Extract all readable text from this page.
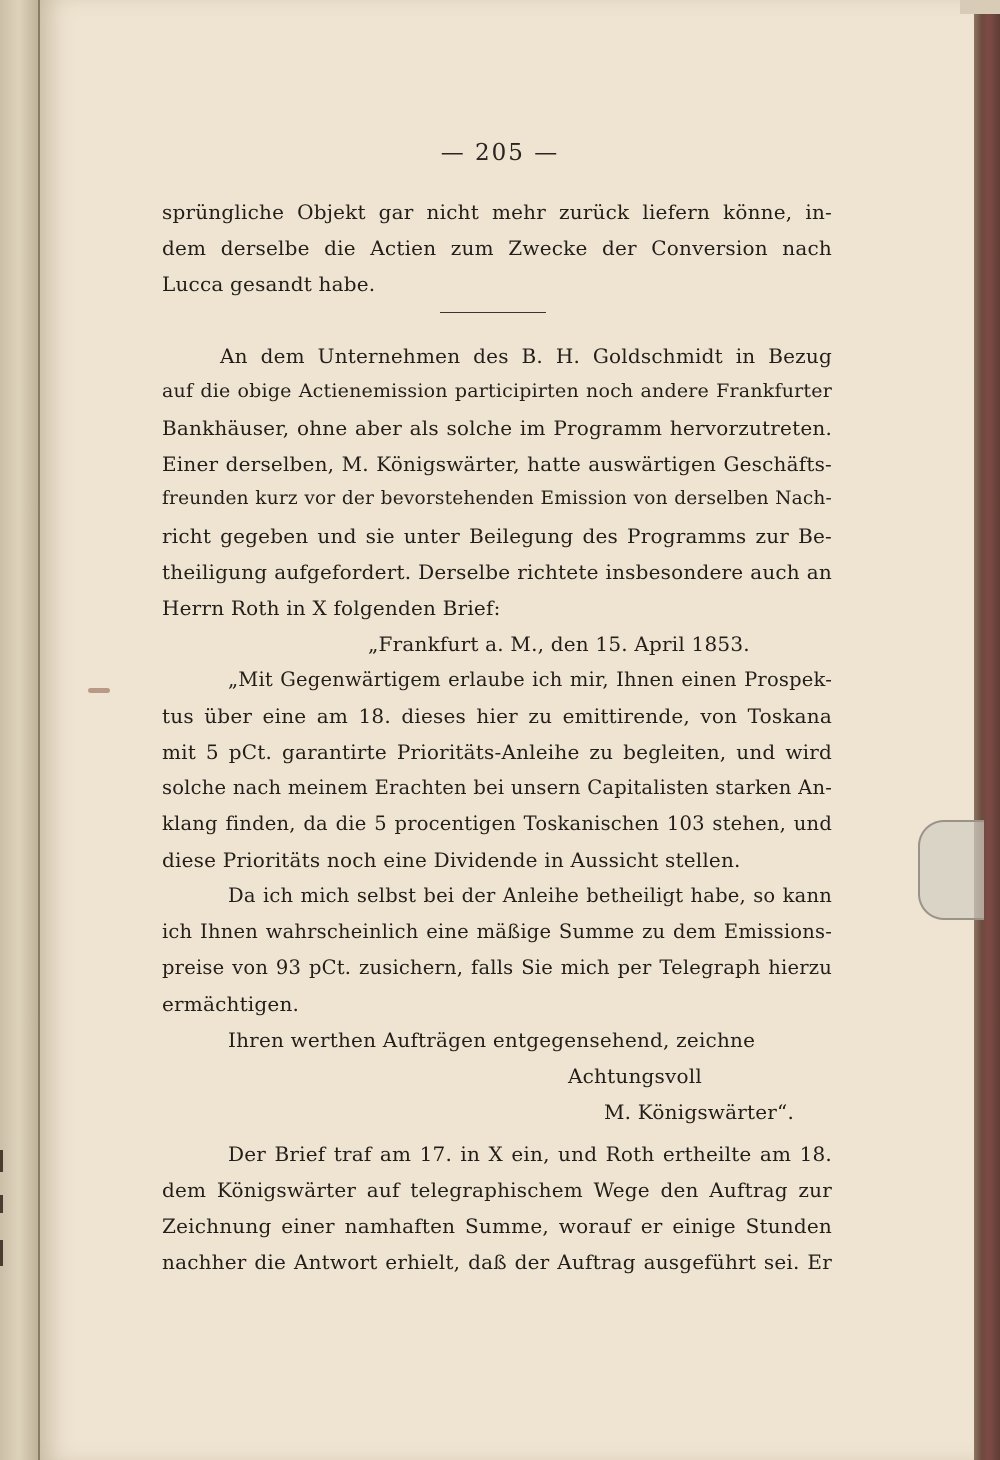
— 205 —
sprüngliche Objekt gar nicht mehr zurück liefern könne, in-
dem derselbe die Actien zum Zwecke der Conversion nach
Lucca gesandt habe.
An dem Unternehmen des B. H. Goldschmidt in Bezug
auf die obige Actienemission participirten noch andere Frankfurter
Bankhäuser, ohne aber als solche im Programm hervorzutreten.
Einer derselben, M. Königswärter, hatte auswärtigen Geschäfts-
freunden kurz vor der bevorstehenden Emission von derselben Nach-
richt gegeben und sie unter Beilegung des Programms zur Be-
theiligung aufgefordert. Derselbe richtete insbesondere auch an
Herrn Roth in X folgenden Brief:
„Frankfurt a. M., den 15. April 1853.
„Mit Gegenwärtigem erlaube ich mir, Ihnen einen Prospek-
tus über eine am 18. dieses hier zu emittirende, von Toskana
mit 5 pCt. garantirte Prioritäts-Anleihe zu begleiten, und wird
solche nach meinem Erachten bei unsern Capitalisten starken An-
klang finden, da die 5 procentigen Toskanischen 103 stehen, und
diese Prioritäts noch eine Dividende in Aussicht stellen.
Da ich mich selbst bei der Anleihe betheiligt habe, so kann
ich Ihnen wahrscheinlich eine mäßige Summe zu dem Emissions-
preise von 93 pCt. zusichern, falls Sie mich per Telegraph hierzu
ermächtigen.
Ihren werthen Aufträgen entgegensehend, zeichne
Achtungsvoll
M. Königswärter“.
Der Brief traf am 17. in X ein, und Roth ertheilte am 18.
dem Königswärter auf telegraphischem Wege den Auftrag zur
Zeichnung einer namhaften Summe, worauf er einige Stunden
nachher die Antwort erhielt, daß der Auftrag ausgeführt sei. Er
